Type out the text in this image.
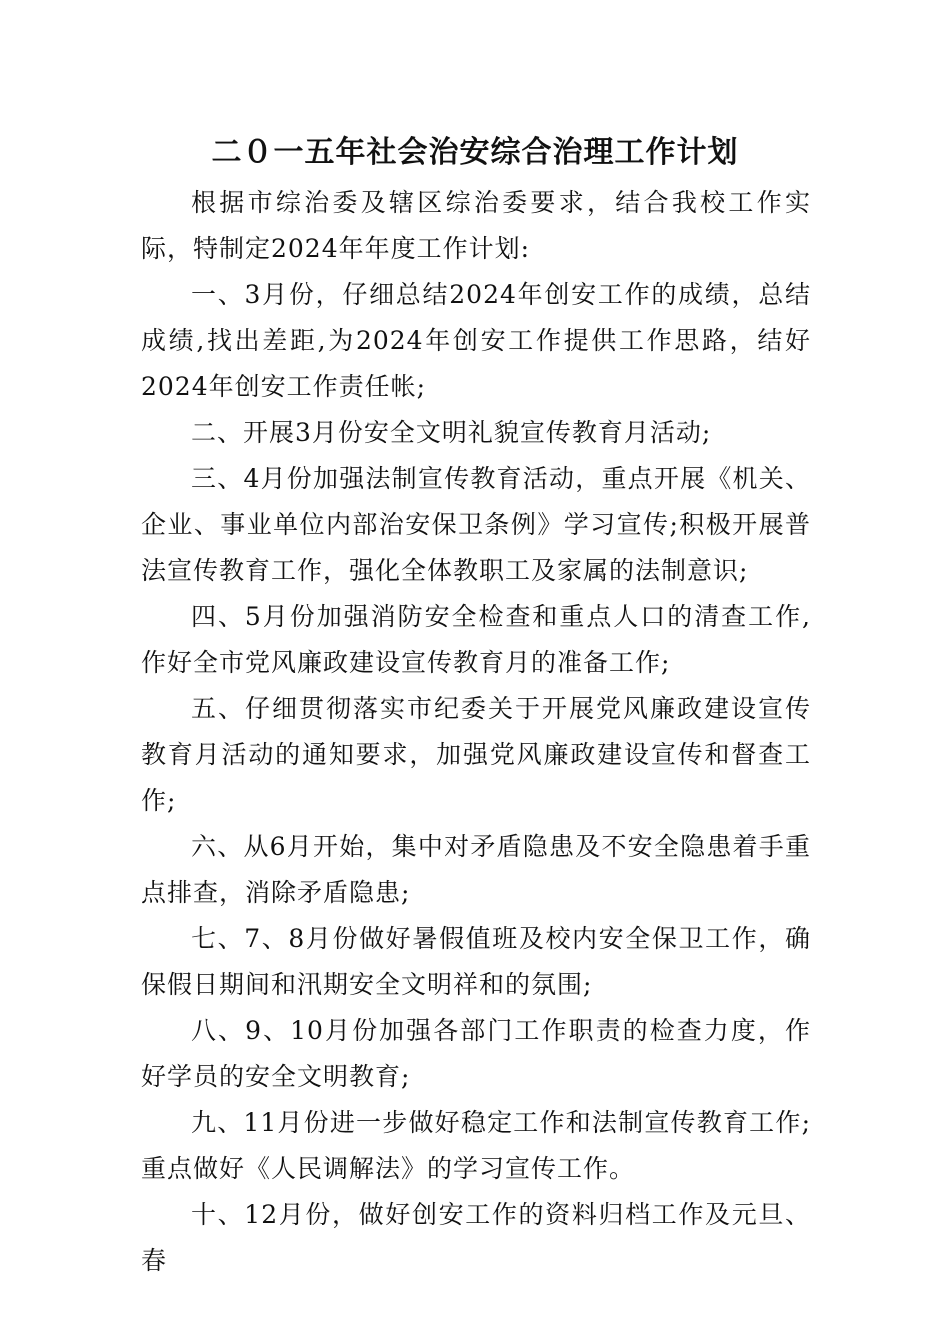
二０一五年社会治安综合治理工作计划

根据市综治委及辖区综治委要求，结合我校工作实际，特制定2024年年度工作计划:

一、3月份，仔细总结2024年创安工作的成绩，总结成绩,找出差距,为2024年创安工作提供工作思路，结好2024年创安工作责任帐;

二、开展3月份安全文明礼貌宣传教育月活动;

三、4月份加强法制宣传教育活动，重点开展《机关、企业、事业单位内部治安保卫条例》学习宣传;积极开展普法宣传教育工作，强化全体教职工及家属的法制意识;

四、5月份加强消防安全检查和重点人口的清查工作,作好全市党风廉政建设宣传教育月的准备工作;

五、仔细贯彻落实市纪委关于开展党风廉政建设宣传教育月活动的通知要求，加强党风廉政建设宣传和督查工作;

六、从6月开始，集中对矛盾隐患及不安全隐患着手重点排查，消除矛盾隐患;

七、7、8月份做好暑假值班及校内安全保卫工作，确保假日期间和汛期安全文明祥和的氛围;

八、9、10月份加强各部门工作职责的检查力度，作好学员的安全文明教育;

九、11月份进一步做好稳定工作和法制宣传教育工作;重点做好《人民调解法》的学习宣传工作。

十、12月份，做好创安工作的资料归档工作及元旦、春
